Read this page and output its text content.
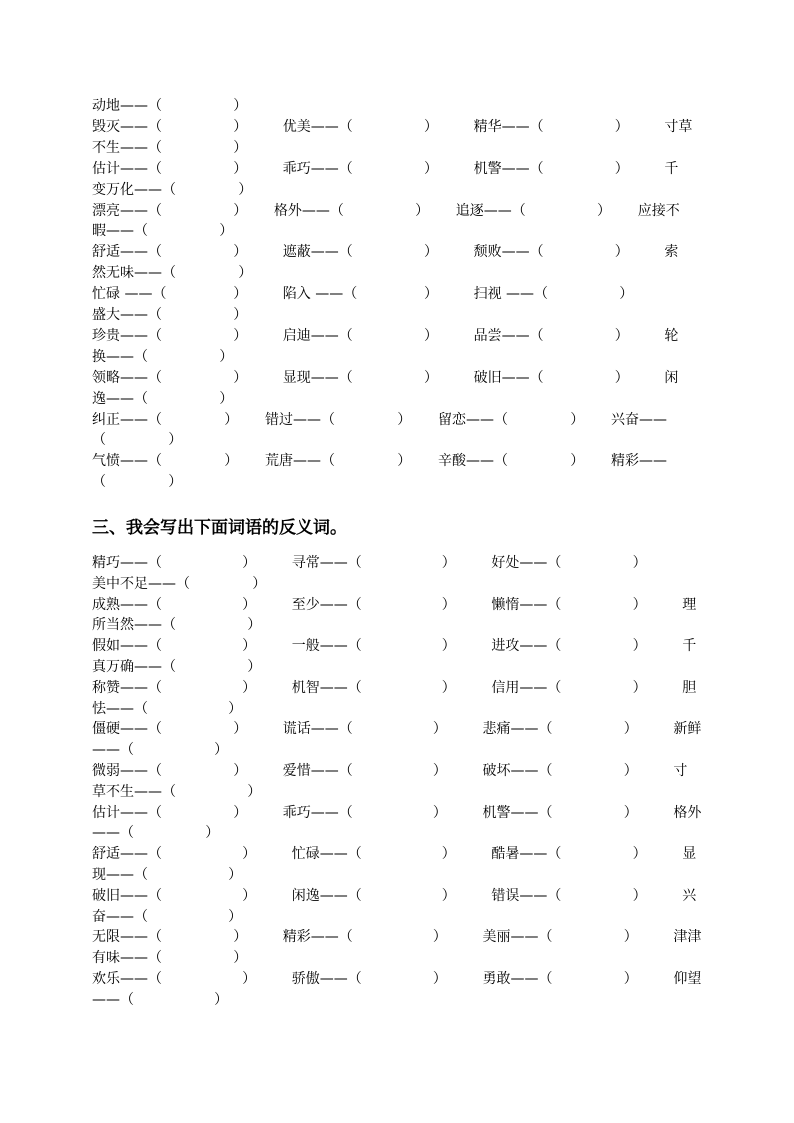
动地——（                ）
毁灭——（                ）        优美——（                ）        精华——（                ）        寸草
不生——（                ）
估计——（                ）        乖巧——（                ）        机警——（                ）        千
变万化——（              ）
漂亮——（                ）      格外——（                ）      追逐——（                ）      应接不
暇——（                ）
舒适——（                ）        遮蔽——（                ）        颓败——（                ）        索
然无味——（              ）
忙碌 ——（               ）        陷入 ——（               ）        扫视 ——（                ）
盛大——（                ）
珍贵——（                ）        启迪——（                ）        品尝——（                ）        轮
换——（                ）
领略——（                ）        显现——（                ）        破旧——（                ）        闲
逸——（                ）
纠正——（              ）      错过——（              ）      留恋——（              ）      兴奋——
（              ）
气愤——（              ）      荒唐——（              ）      辛酸——（              ）      精彩——
（              ）
三、我会写出下面词语的反义词。
精巧——（                  ）        寻常——（                  ）        好处——（                ）
美中不足——（              ）
成熟——（                  ）        至少——（                  ）        懒惰——（                ）        理
所当然——（                ）
假如——（                  ）        一般——（                  ）        进攻——（                ）        千
真万确——（                ）
称赞——（                  ）        机智——（                  ）        信用——（                ）        胆
怯——（                  ）
僵硬——（                ）        谎话——（                  ）        悲痛——（                ）        新鲜
——（                  ）
微弱——（                ）        爱惜——（                  ）        破坏——（                ）        寸
草不生——（                ）
估计——（                ）        乖巧——（                  ）        机警——（                ）        格外
——（                ）
舒适——（                  ）        忙碌——（                  ）        酷暑——（                ）        显
现——（                  ）
破旧——（                  ）        闲逸——（                  ）        错误——（                ）        兴
奋——（                  ）
无限——（                ）        精彩——（                  ）        美丽——（                ）        津津
有味——（                ）
欢乐——（                  ）        骄傲——（                ）        勇敢——（                ）        仰望
——（                  ）
